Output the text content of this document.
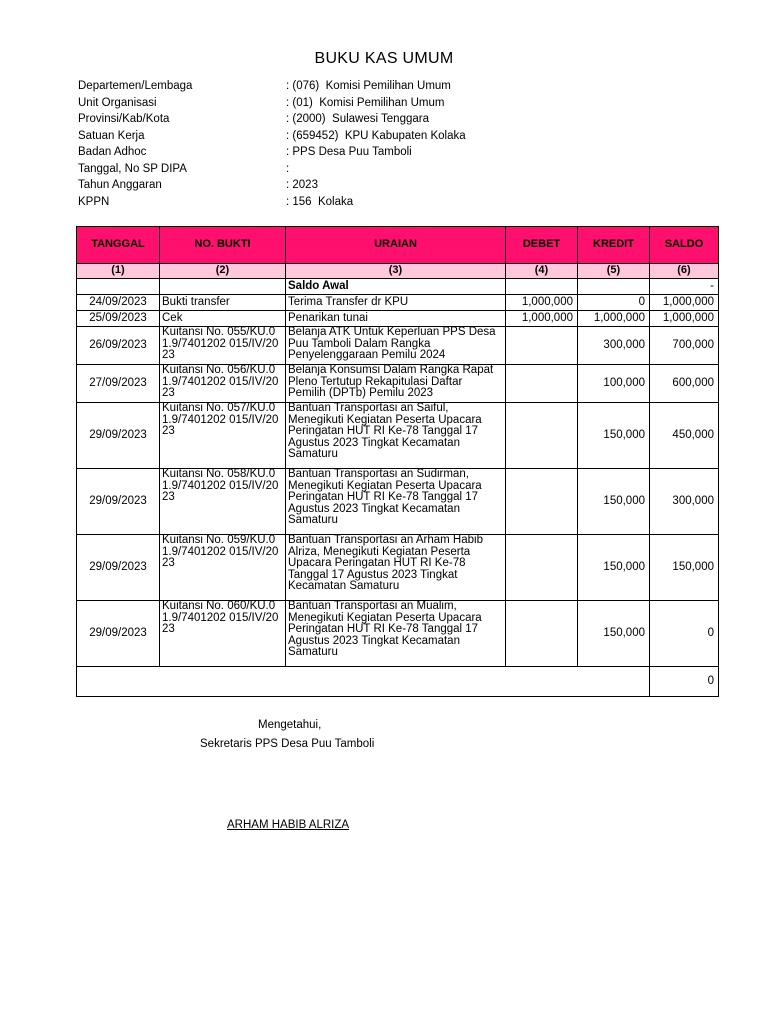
BUKU KAS UMUM
Departemen/Lembaga	: (076)  Komisi Pemilihan Umum
Unit Organisasi	: (01)  Komisi Pemilihan Umum
Provinsi/Kab/Kota	: (2000)  Sulawesi Tenggara
Satuan Kerja	: (659452)  KPU Kabupaten Kolaka
Badan Adhoc	: PPS Desa Puu Tamboli
Tanggal, No SP DIPA	:
Tahun Anggaran	: 2023
KPPN	: 156  Kolaka
TANGGAL	NO. BUKTI	URAIAN	DEBET	KREDIT	SALDO
(1)	(2)	(3)	(4)	(5)	(6)
		Saldo Awal			-
24/09/2023	Bukti transfer	Terima Transfer dr KPU	1,000,000	0	1,000,000
25/09/2023	Cek	Penarikan tunai	1,000,000	1,000,000	1,000,000
26/09/2023	Kuitansi No. 055/KU.01.9/7401202 015/IV/2023	Belanja ATK Untuk Keperluan PPS Desa Puu Tamboli Dalam Rangka Penyelenggaraan Pemilu 2024		300,000	700,000
27/09/2023	Kuitansi No. 056/KU.01.9/7401202 015/IV/2023	Belanja Konsumsi Dalam Rangka Rapat Pleno Tertutup Rekapitulasi Daftar Pemilih (DPTb) Pemilu 2023		100,000	600,000
29/09/2023	Kuitansi No. 057/KU.01.9/7401202 015/IV/2023	Bantuan Transportasi an Saiful, Menegikuti Kegiatan Peserta Upacara Peringatan HUT RI Ke-78 Tanggal 17 Agustus 2023 Tingkat Kecamatan Samaturu		150,000	450,000
29/09/2023	Kuitansi No. 058/KU.01.9/7401202 015/IV/2023	Bantuan Transportasi an Sudirman, Menegikuti Kegiatan Peserta Upacara Peringatan HUT RI Ke-78 Tanggal 17 Agustus 2023 Tingkat Kecamatan Samaturu		150,000	300,000
29/09/2023	Kuitansi No. 059/KU.01.9/7401202 015/IV/2023	Bantuan Transportasi an Arham Habib Alriza, Menegikuti Kegiatan Peserta Upacara Peringatan HUT RI Ke-78 Tanggal 17 Agustus 2023 Tingkat Kecamatan Samaturu		150,000	150,000
29/09/2023	Kuitansi No. 060/KU.01.9/7401202 015/IV/2023	Bantuan Transportasi an Mualim, Menegikuti Kegiatan Peserta Upacara Peringatan HUT RI Ke-78 Tanggal 17 Agustus 2023 Tingkat Kecamatan Samaturu		150,000	0
					0
Mengetahui,
Sekretaris PPS Desa Puu Tamboli
ARHAM HABIB ALRIZA
